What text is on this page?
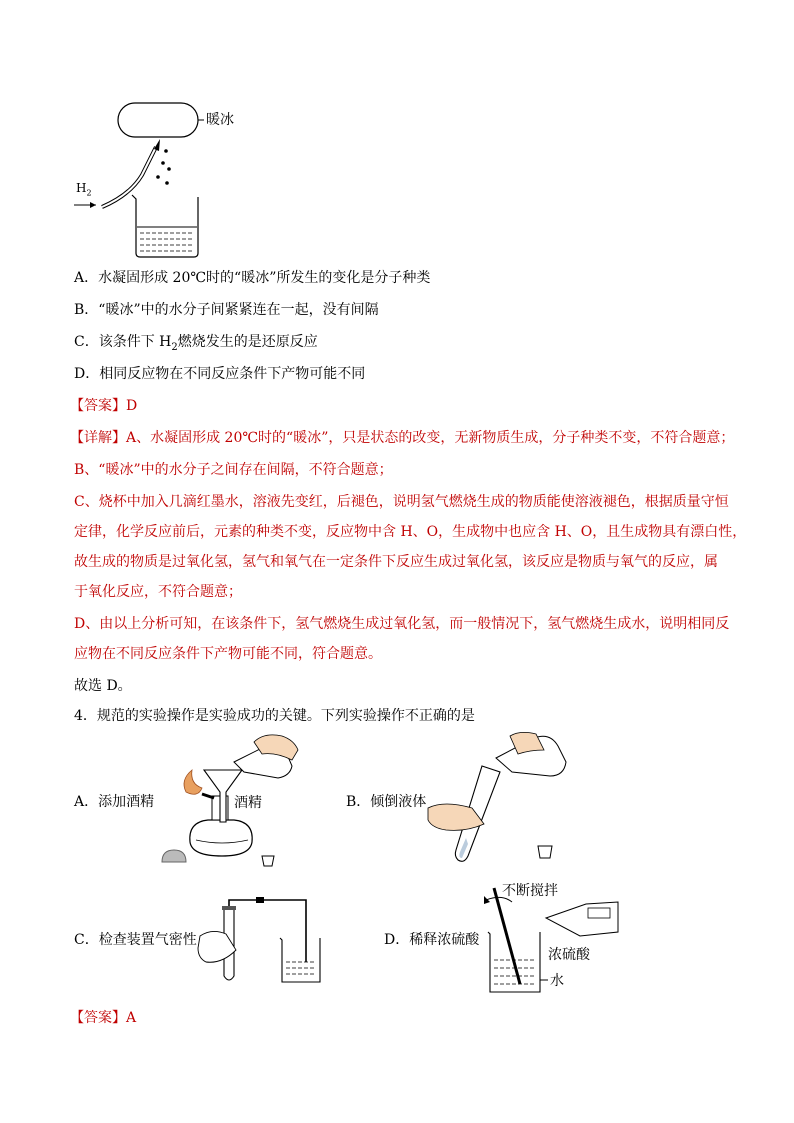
暖冰
$H_2$
A．水凝固形成 20℃时的“暖冰”所发生的变化是分子种类
B．“暖冰”中的水分子间紧紧连在一起，没有间隔
C．该条件下 $H_2$燃烧发生的是还原反应
D．相同反应物在不同反应条件下产物可能不同
【答案】D
【详解】A、水凝固形成 20℃时的“暖冰”，只是状态的改变，无新物质生成，分子种类不变，不符合题意；
B、“暖冰”中的水分子之间存在间隔，不符合题意；
C、烧杯中加入几滴红墨水，溶液先变红，后褪色，说明氢气燃烧生成的物质能使溶液褪色，根据质量守恒
定律，化学反应前后，元素的种类不变，反应物中含 H、O，生成物中也应含 H、O，且生成物具有漂白性，
故生成的物质是过氧化氢，氢气和氧气在一定条件下反应生成过氧化氢，该反应是物质与氧气的反应，属
于氧化反应，不符合题意；
D、由以上分析可知，在该条件下，氢气燃烧生成过氧化氢，而一般情况下，氢气燃烧生成水，说明相同反
应物在不同反应条件下产物可能不同，符合题意。
故选 D。
4．规范的实验操作是实验成功的关键。下列实验操作不正确的是
A．添加酒精	酒精	B．倾倒液体
C．检查装置气密性	D．稀释浓硫酸
不断搅拌
浓硫酸
水
【答案】A
